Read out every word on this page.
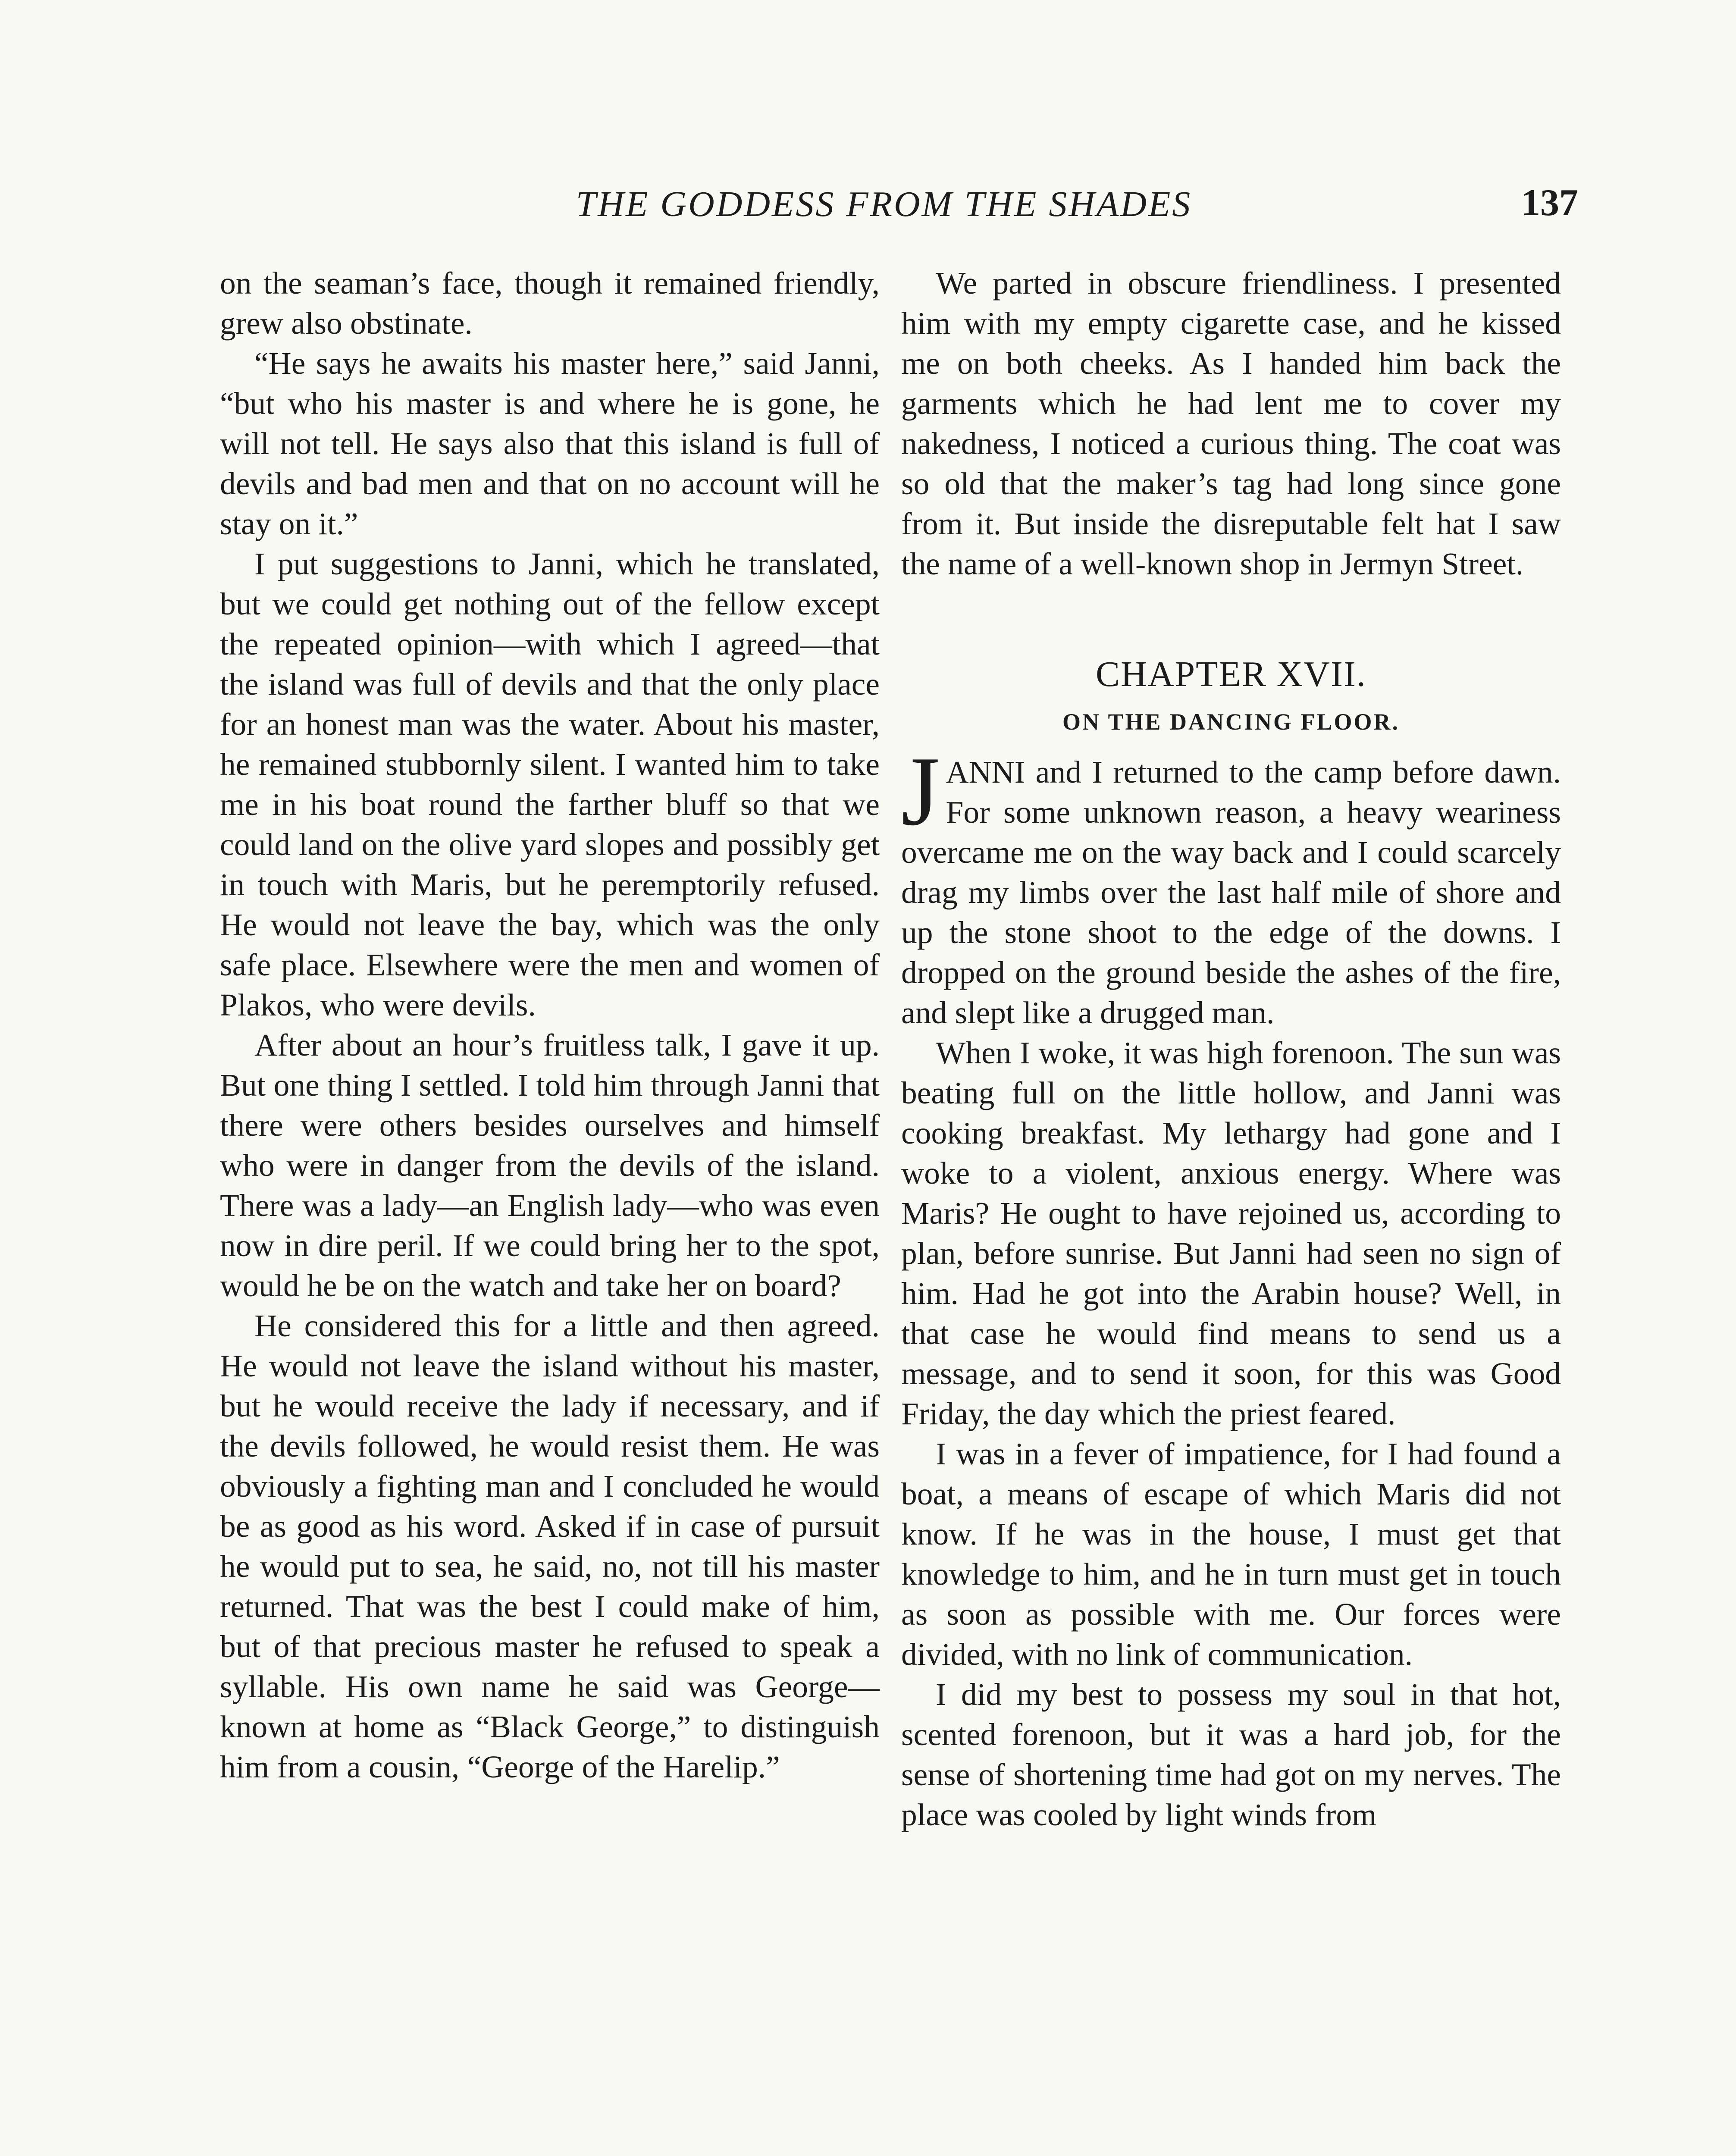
THE GODDESS FROM THE SHADES	137

on the seaman’s face, though it remained friendly, grew also obstinate.

“He says he awaits his master here,” said Janni, “but who his master is and where he is gone, he will not tell. He says also that this island is full of devils and bad men and that on no account will he stay on it.”

I put suggestions to Janni, which he translated, but we could get nothing out of the fellow except the repeated opinion—with which I agreed—that the island was full of devils and that the only place for an honest man was the water. About his master, he remained stubbornly silent. I wanted him to take me in his boat round the farther bluff so that we could land on the olive yard slopes and possibly get in touch with Maris, but he peremptorily refused. He would not leave the bay, which was the only safe place. Elsewhere were the men and women of Plakos, who were devils.

After about an hour’s fruitless talk, I gave it up. But one thing I settled. I told him through Janni that there were others besides ourselves and himself who were in danger from the devils of the island. There was a lady—an English lady—who was even now in dire peril. If we could bring her to the spot, would he be on the watch and take her on board?

He considered this for a little and then agreed. He would not leave the island without his master, but he would receive the lady if necessary, and if the devils followed, he would resist them. He was obviously a fighting man and I concluded he would be as good as his word. Asked if in case of pursuit he would put to sea, he said, no, not till his master returned. That was the best I could make of him, but of that precious master he refused to speak a syllable. His own name he said was George—known at home as “Black George,” to distinguish him from a cousin, “George of the Harelip.”

We parted in obscure friendliness. I presented him with my empty cigarette case, and he kissed me on both cheeks. As I handed him back the garments which he had lent me to cover my nakedness, I noticed a curious thing. The coat was so old that the maker’s tag had long since gone from it. But inside the disreputable felt hat I saw the name of a well-known shop in Jermyn Street.

CHAPTER XVII.
ON THE DANCING FLOOR.

JANNI and I returned to the camp before dawn. For some unknown reason, a heavy weariness overcame me on the way back and I could scarcely drag my limbs over the last half mile of shore and up the stone shoot to the edge of the downs. I dropped on the ground beside the ashes of the fire, and slept like a drugged man.

When I woke, it was high forenoon. The sun was beating full on the little hollow, and Janni was cooking breakfast. My lethargy had gone and I woke to a violent, anxious energy. Where was Maris? He ought to have rejoined us, according to plan, before sunrise. But Janni had seen no sign of him. Had he got into the Arabin house? Well, in that case he would find means to send us a message, and to send it soon, for this was Good Friday, the day which the priest feared.

I was in a fever of impatience, for I had found a boat, a means of escape of which Maris did not know. If he was in the house, I must get that knowledge to him, and he in turn must get in touch as soon as possible with me. Our forces were divided, with no link of communication.

I did my best to possess my soul in that hot, scented forenoon, but it was a hard job, for the sense of shortening time had got on my nerves. The place was cooled by light winds from
